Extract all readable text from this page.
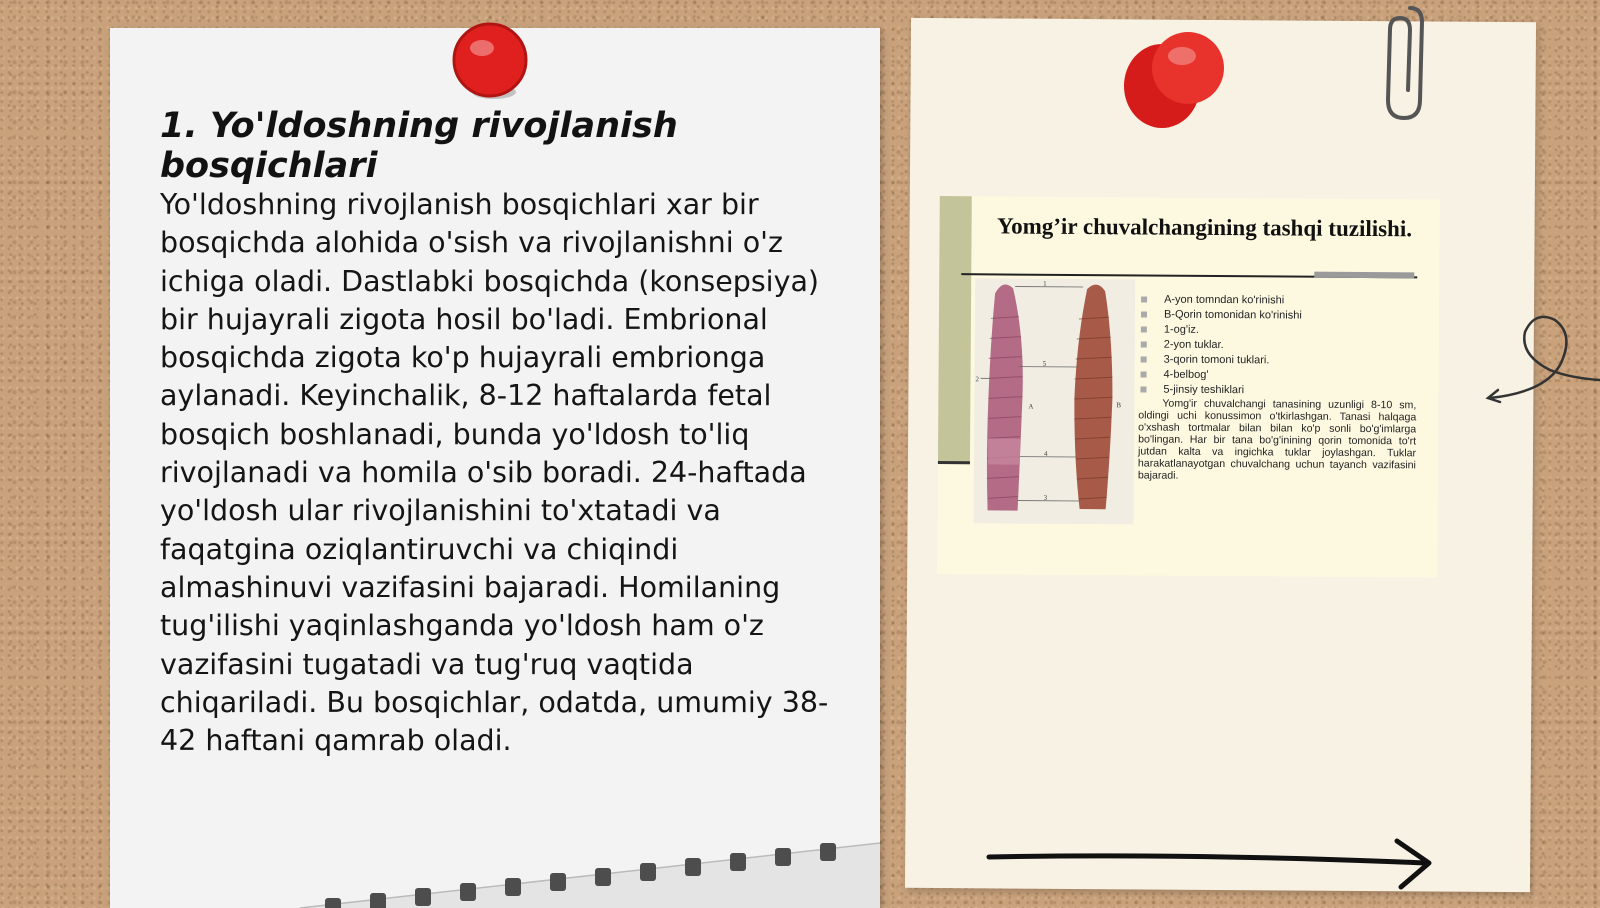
1. Yo'ldoshning rivojlanish bosqichlari

Yo'ldoshning rivojlanish bosqichlari xar bir bosqichda alohida o'sish va rivojlanishni o'z ichiga oladi. Dastlabki bosqichda (konsepsiya) bir hujayrali zigota hosil bo'ladi. Embrional bosqichda zigota ko'p hujayrali embrionga aylanadi. Keyinchalik, 8-12 haftalarda fetal bosqich boshlanadi, bunda yo'ldosh to'liq rivojlanadi va homila o'sib boradi. 24-haftada yo'ldosh ular rivojlanishini to'xtatadi va faqatgina oziqlantiruvchi va chiqindi almashinuvi vazifasini bajaradi. Homilaning tug'ilishi yaqinlashganda yo'ldosh ham o'z vazifasini tugatadi va tug'ruq vaqtida chiqariladi. Bu bosqichlar, odatda, umumiy 38-42 haftani qamrab oladi.

Yomg’ir chuvalchangining tashqi tuzilishi.
1
2
5
4
3
A	B
A-yon tomndan ko'rinishi
B-Qorin tomonidan ko'rinishi
1-og'iz.
2-yon tuklar.
3-qorin tomoni tuklari.
4-belbog'
5-jinsiy teshiklari

Yomg'ir chuvalchangi tanasining uzunligi 8-10 sm, oldingi uchi konussimon o'tkirlashgan. Tanasi halqaga o'xshash tortmalar bilan bilan ko'p sonli bo'g'imlarga bo'lingan. Har bir tana bo'g'inining qorin tomonida to'rt jutdan kalta va ingichka tuklar joylashgan. Tuklar harakatlanayotgan chuvalchang uchun tayanch vazifasini bajaradi.
